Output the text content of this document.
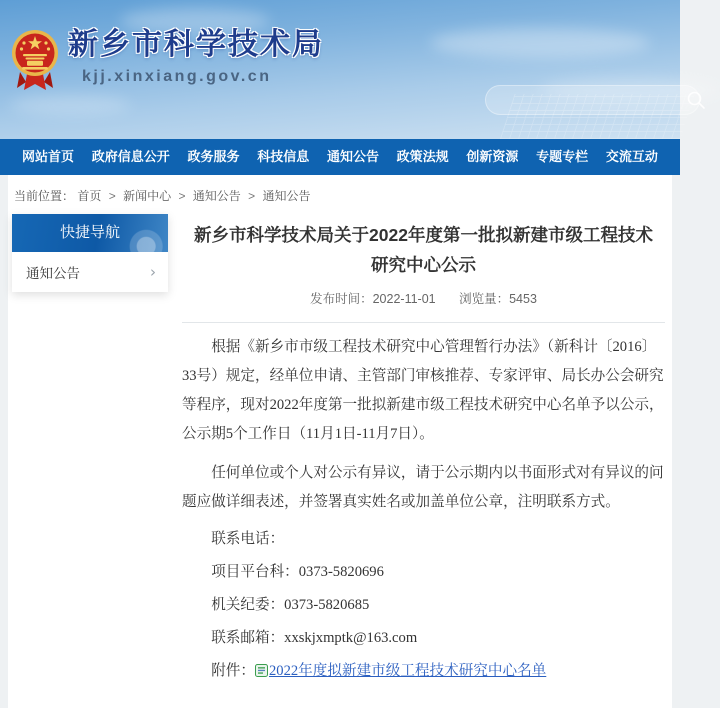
新乡市科学技术局
kjj.xinxiang.gov.cn
网站首页 政府信息公开 政务服务 科技信息 通知公告 政策法规 创新资源 专题专栏 交流互动
当前位置： 首页 > 新闻中心 > 通知公告 > 通知公告
快捷导航
通知公告	›
新乡市科学技术局关于2022年度第一批拟新建市级工程技术研究中心公示
发布时间：2022-11-01 浏览量：5453

根据《新乡市市级工程技术研究中心管理暂行办法》（新科计〔2016〕33号）规定，经单位申请、主管部门审核推荐、专家评审、局长办公会研究等程序，现对2022年度第一批拟新建市级工程技术研究中心名单予以公示，公示期5个工作日（11月1日-11月7日）。

任何单位或个人对公示有异议，请于公示期内以书面形式对有异议的问题应做详细表述，并签署真实姓名或加盖单位公章，注明联系方式。

联系电话：

项目平台科：0373-5820696

机关纪委：0373-5820685

联系邮箱：xxskjxmptk@163.com

附件： 2022年度拟新建市级工程技术研究中心名单
